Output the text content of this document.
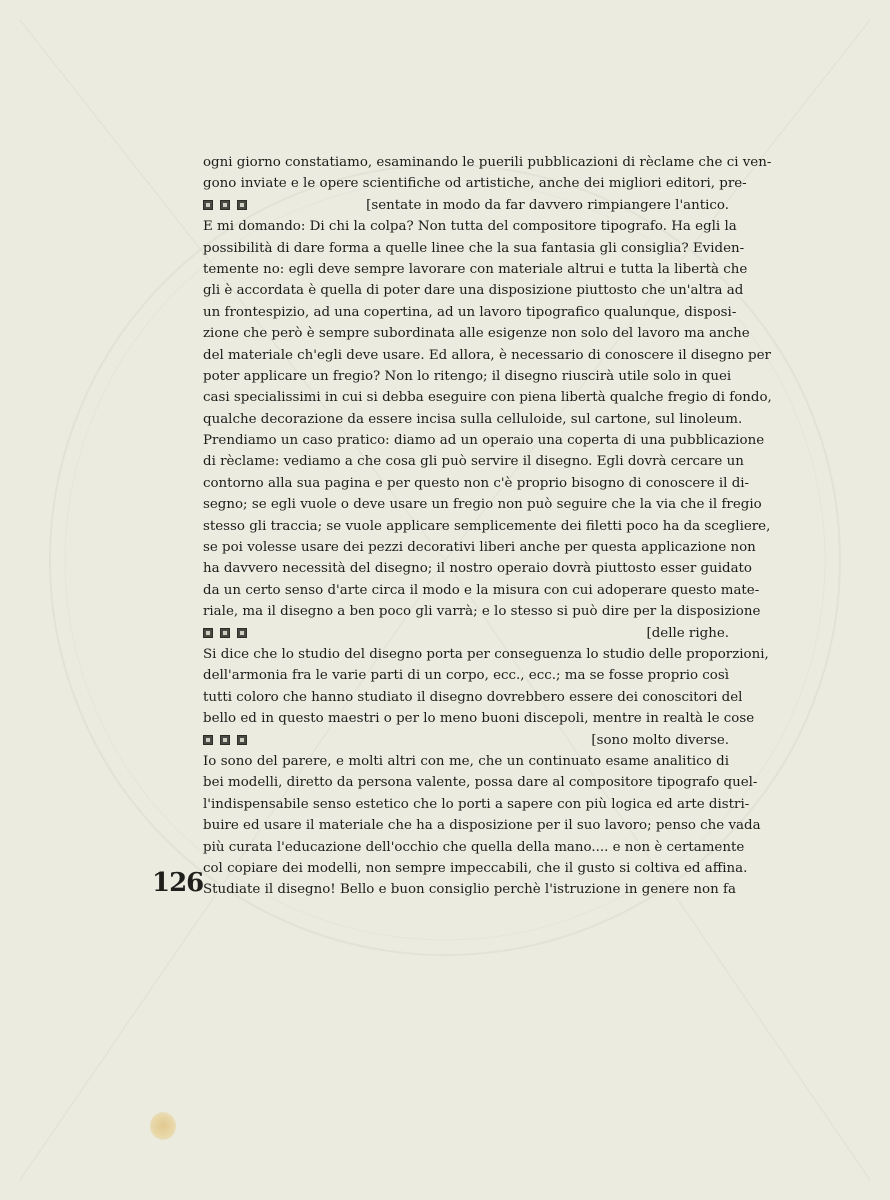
ogni giorno constatiamo, esaminando le puerili pubblicazioni di rèclame che ci ven-
gono inviate e le opere scientifiche od artistiche, anche dei migliori editori, pre-
[sentate in modo da far davvero rimpiangere l'antico.
E mi domando: Di chi la colpa? Non tutta del compositore tipografo. Ha egli la
possibilità di dare forma a quelle linee che la sua fantasia gli consiglia? Eviden-
temente no: egli deve sempre lavorare con materiale altrui e tutta la libertà che
gli è accordata è quella di poter dare una disposizione piuttosto che un'altra ad
un frontespizio, ad una copertina, ad un lavoro tipografico qualunque, disposi-
zione che però è sempre subordinata alle esigenze non solo del lavoro ma anche
del materiale ch'egli deve usare. Ed allora, è necessario di conoscere il disegno per
poter applicare un fregio? Non lo ritengo; il disegno riuscirà utile solo in quei
casi specialissimi in cui si debba eseguire con piena libertà qualche fregio di fondo,
qualche decorazione da essere incisa sulla celluloide, sul cartone, sul linoleum.
Prendiamo un caso pratico: diamo ad un operaio una coperta di una pubblicazione
di rèclame: vediamo a che cosa gli può servire il disegno. Egli dovrà cercare un
contorno alla sua pagina e per questo non c'è proprio bisogno di conoscere il di-
segno; se egli vuole o deve usare un fregio non può seguire che la via che il fregio
stesso gli traccia; se vuole applicare semplicemente dei filetti poco ha da scegliere,
se poi volesse usare dei pezzi decorativi liberi anche per questa applicazione non
ha davvero necessità del disegno; il nostro operaio dovrà piuttosto esser guidato
da un certo senso d'arte circa il modo e la misura con cui adoperare questo mate-
riale, ma il disegno a ben poco gli varrà; e lo stesso si può dire per la disposizione
[delle righe.
Si dice che lo studio del disegno porta per conseguenza lo studio delle proporzioni,
dell'armonia fra le varie parti di un corpo, ecc., ecc.; ma se fosse proprio così
tutti coloro che hanno studiato il disegno dovrebbero essere dei conoscitori del
bello ed in questo maestri o per lo meno buoni discepoli, mentre in realtà le cose
[sono molto diverse.
Io sono del parere, e molti altri con me, che un continuato esame analitico di
bei modelli, diretto da persona valente, possa dare al compositore tipografo quel-
l'indispensabile senso estetico che lo porti a sapere con più logica ed arte distri-
buire ed usare il materiale che ha a disposizione per il suo lavoro; penso che vada
più curata l'educazione dell'occhio che quella della mano.... e non è certamente
col copiare dei modelli, non sempre impeccabili, che il gusto si coltiva ed affina.
Studiate il disegno! Bello e buon consiglio perchè l'istruzione in genere non fa
126
